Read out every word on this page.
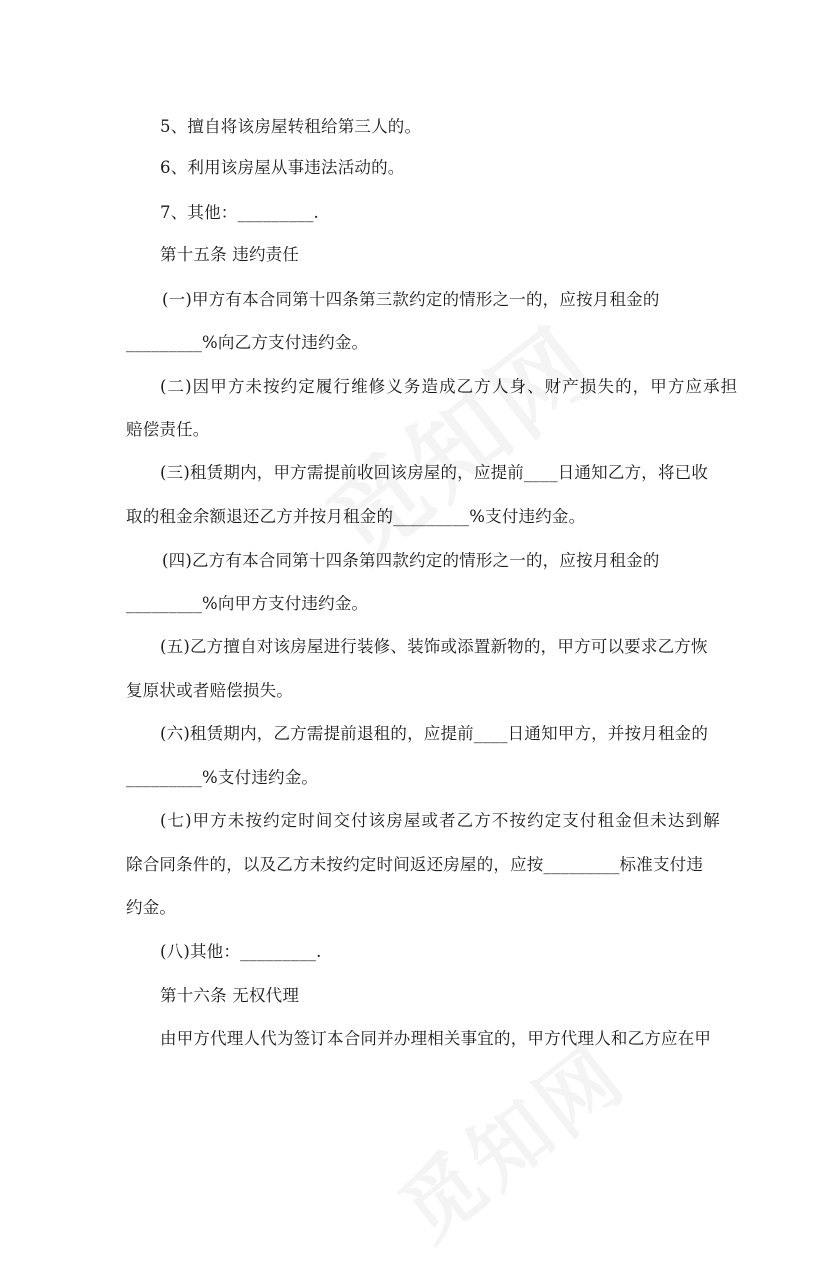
5、擅自将该房屋转租给第三人的。
6、利用该房屋从事违法活动的。
7、其他：_________.
第十五条 违约责任
(一)甲方有本合同第十四条第三款约定的情形之一的，应按月租金的
_________%向乙方支付违约金。
(二)因甲方未按约定履行维修义务造成乙方人身、财产损失的，甲方应承担
赔偿责任。
(三)租赁期内，甲方需提前收回该房屋的，应提前____日通知乙方，将已收
取的租金余额退还乙方并按月租金的_________%支付违约金。
(四)乙方有本合同第十四条第四款约定的情形之一的，应按月租金的
_________%向甲方支付违约金。
(五)乙方擅自对该房屋进行装修、装饰或添置新物的，甲方可以要求乙方恢
复原状或者赔偿损失。
(六)租赁期内，乙方需提前退租的，应提前____日通知甲方，并按月租金的
_________%支付违约金。
(七)甲方未按约定时间交付该房屋或者乙方不按约定支付租金但未达到解
除合同条件的，以及乙方未按约定时间返还房屋的，应按_________标准支付违
约金。
(八)其他：_________.
第十六条 无权代理
由甲方代理人代为签订本合同并办理相关事宜的，甲方代理人和乙方应在甲
